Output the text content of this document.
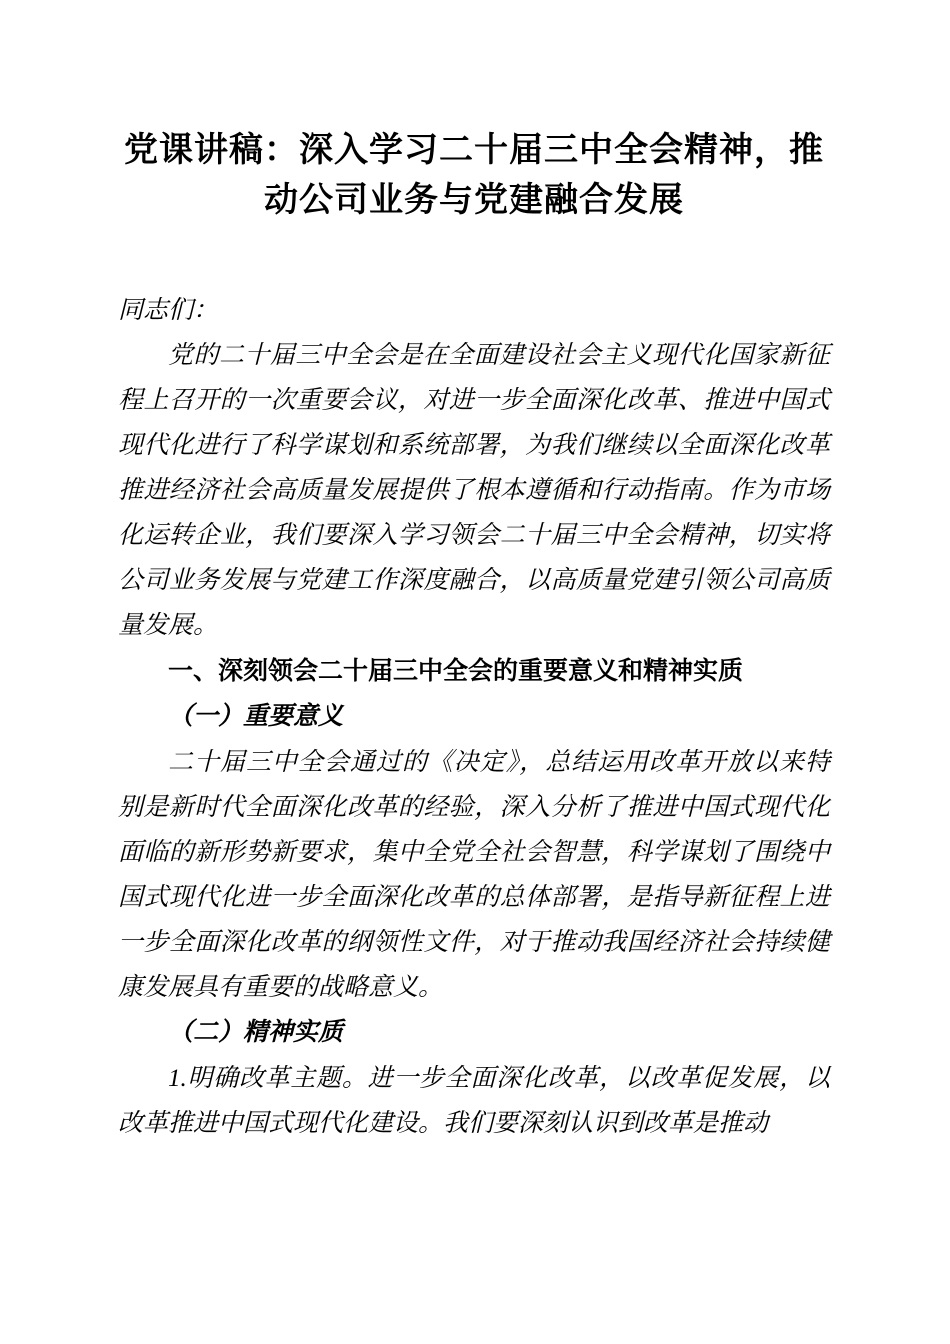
党课讲稿：深入学习二十届三中全会精神，推动公司业务与党建融合发展

同志们：

党的二十届三中全会是在全面建设社会主义现代化国家新征程上召开的一次重要会议，对进一步全面深化改革、推进中国式现代化进行了科学谋划和系统部署，为我们继续以全面深化改革推进经济社会高质量发展提供了根本遵循和行动指南。作为市场化运转企业，我们要深入学习领会二十届三中全会精神，切实将公司业务发展与党建工作深度融合，以高质量党建引领公司高质量发展。

一、深刻领会二十届三中全会的重要意义和精神实质

（一）重要意义

二十届三中全会通过的《决定》，总结运用改革开放以来特别是新时代全面深化改革的经验，深入分析了推进中国式现代化面临的新形势新要求，集中全党全社会智慧，科学谋划了围绕中国式现代化进一步全面深化改革的总体部署，是指导新征程上进一步全面深化改革的纲领性文件，对于推动我国经济社会持续健康发展具有重要的战略意义。

（二）精神实质

1.明确改革主题。进一步全面深化改革，以改革促发展，以改革推进中国式现代化建设。我们要深刻认识到改革是推动
